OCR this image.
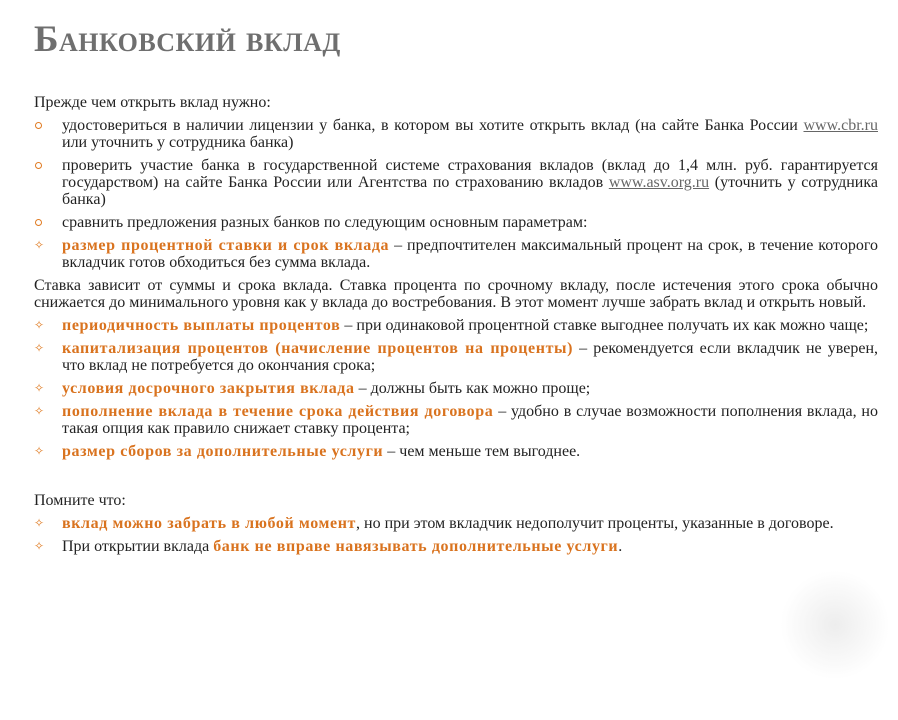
Банковский вклад

Прежде чем открыть вклад нужно:

удостовериться в наличии лицензии у банка, в котором вы хотите открыть вклад (на сайте Банка России www.cbr.ru или уточнить у сотрудника банка)
проверить участие банка в государственной системе страхования вкладов (вклад до 1,4 млн. руб. гарантируется государством) на сайте Банка России или Агентства по страхованию вкладов www.asv.org.ru (уточнить у сотрудника банка)
сравнить предложения разных банков по следующим основным параметрам:
✧ размер процентной ставки и срок вклада – предпочтителен максимальный процент на срок, в течение которого вкладчик готов обходиться без сумма вклада.

Ставка зависит от суммы и срока вклада. Ставка процента по срочному вкладу, после истечения этого срока обычно снижается до минимального уровня как у вклада до востребования. В этот момент лучше забрать вклад и открыть новый.

✧ периодичность выплаты процентов – при одинаковой процентной ставке выгоднее получать их как можно чаще;
✧ капитализация процентов (начисление процентов на проценты) – рекомендуется если вкладчик не уверен, что вклад не потребуется до окончания срока;
✧ условия досрочного закрытия вклада – должны быть как можно проще;
✧ пополнение вклада в течение срока действия договора – удобно в случае возможности пополнения вклада, но такая опция как правило снижает ставку процента;
✧ размер сборов за дополнительные услуги – чем меньше тем выгоднее.

Помните что:

✧ вклад можно забрать в любой момент, но при этом вкладчик недополучит проценты, указанные в договоре.
✧ При открытии вклада банк не вправе навязывать дополнительные услуги.
